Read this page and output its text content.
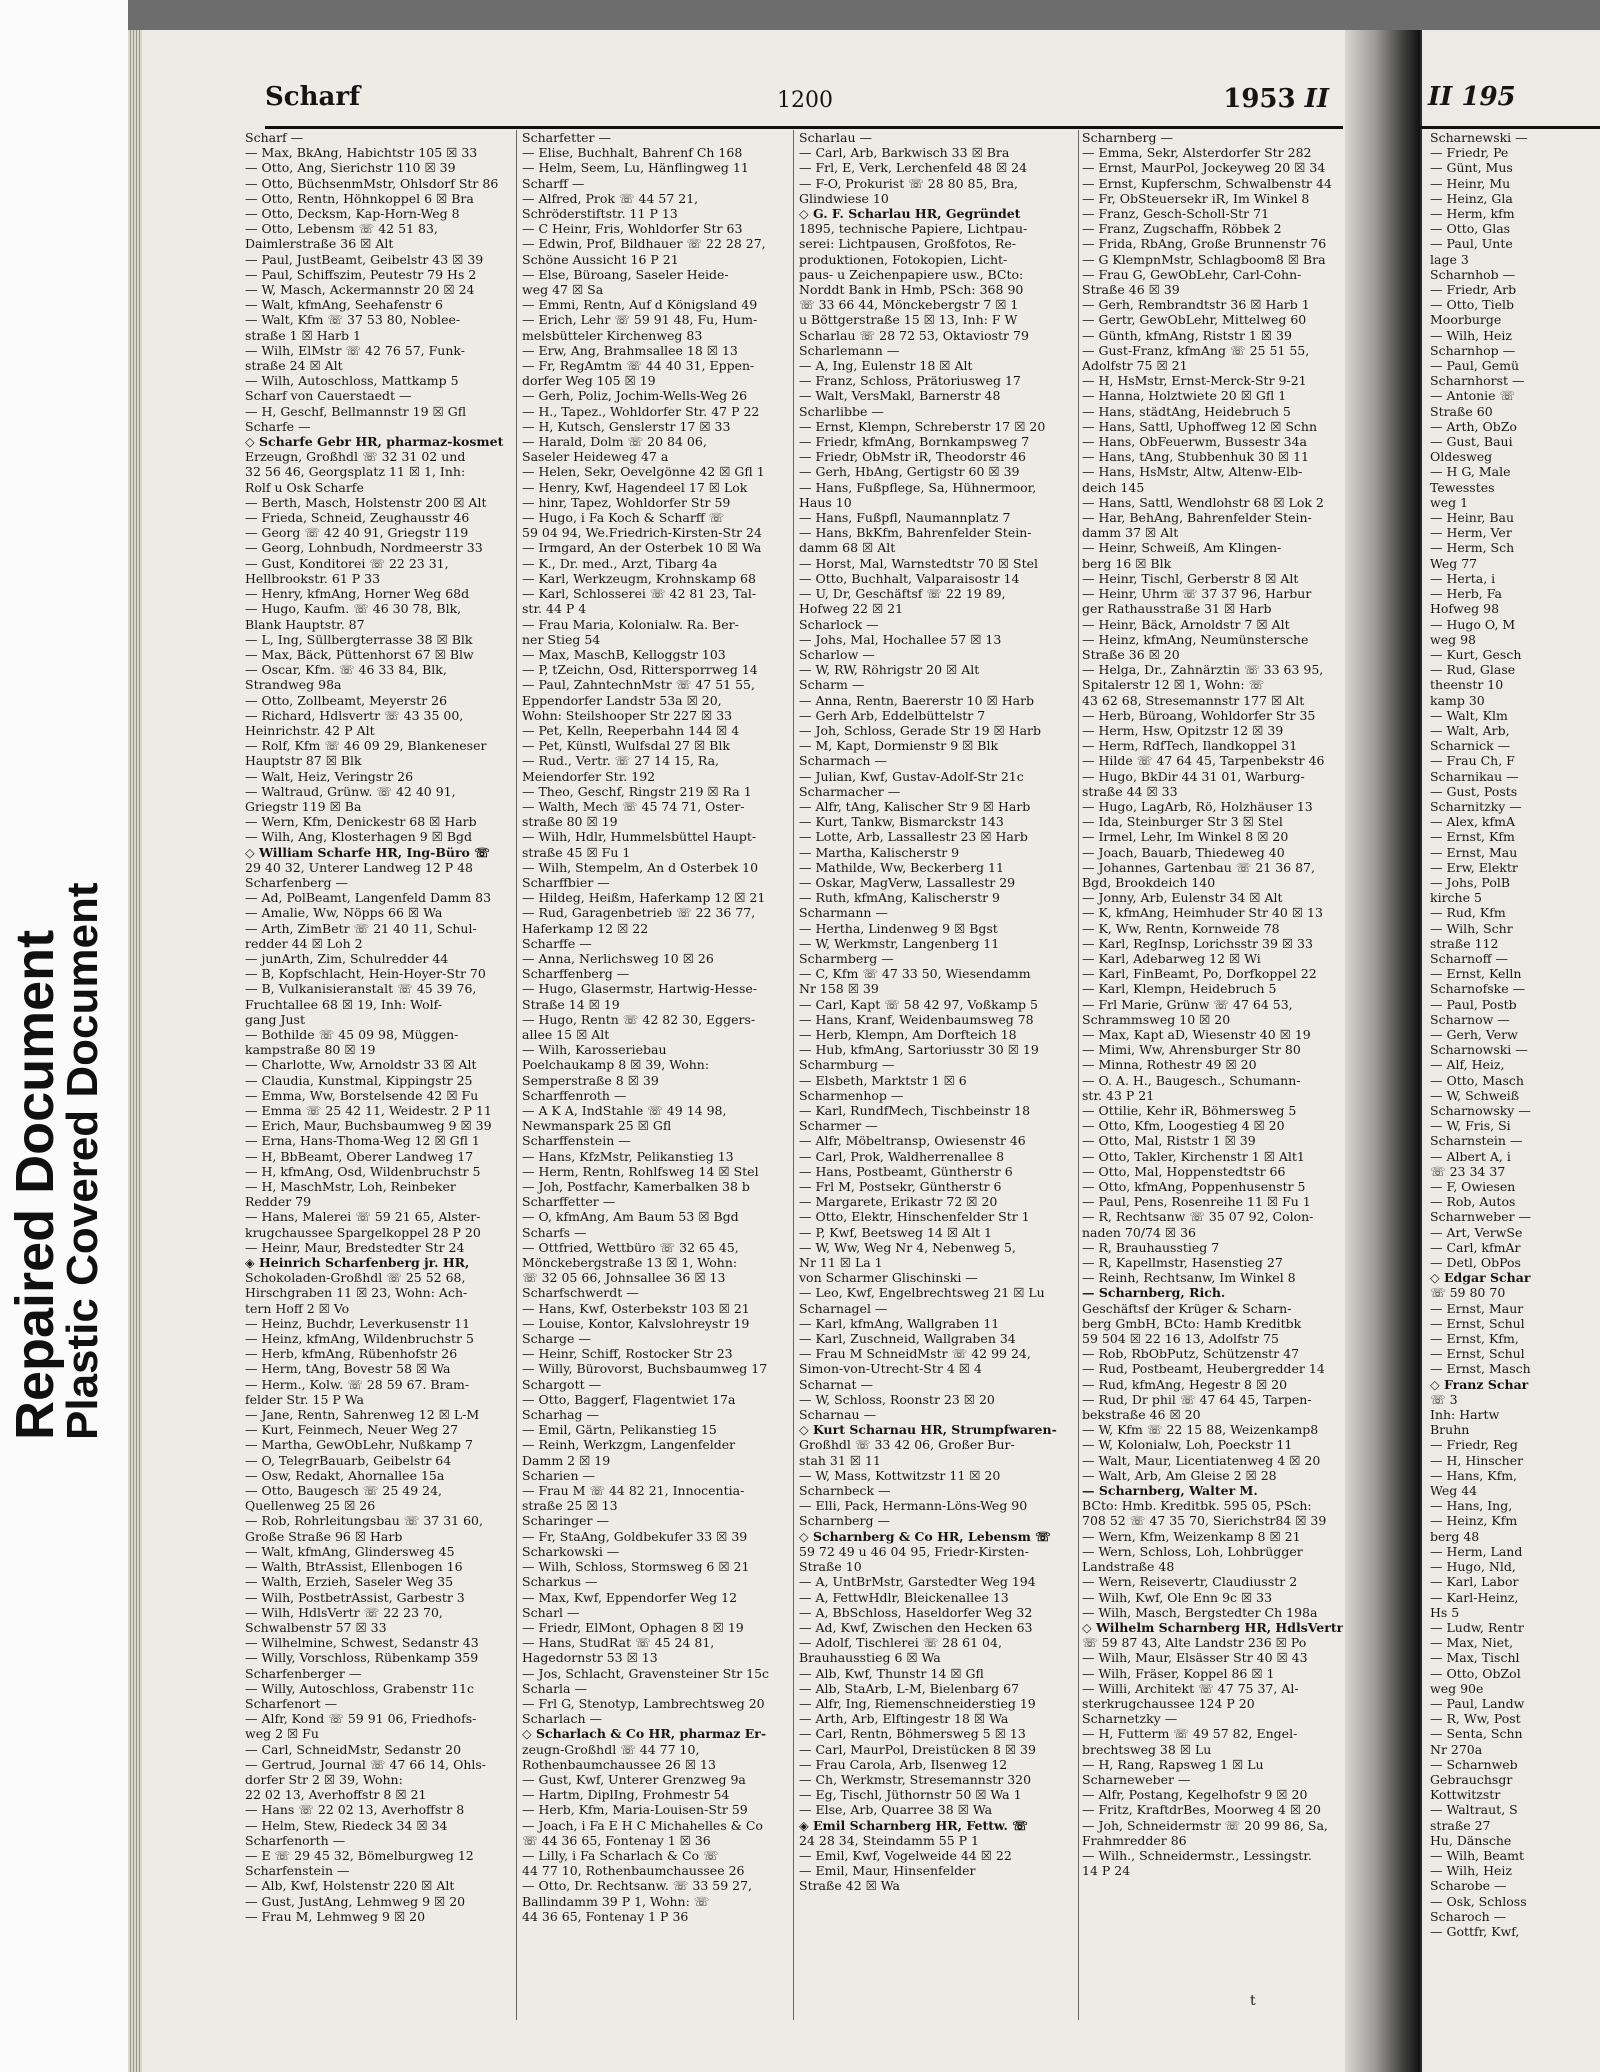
Repaired Document
Plastic Covered Document
Scharf	1200	1953 II	II 195
Scharf —
— Max, BkAng, Habichtstr 105 ☒ 33
— Otto, Ang, Sierichstr 110 ☒ 39
— Otto, BüchsenmMstr, Ohlsdorf Str 86
— Otto, Rentn, Höhnkoppel 6 ☒ Bra
— Otto, Decksm, Kap-Horn-Weg 8
— Otto, Lebensm ☏ 42 51 83,
Daimlerstraße 36 ☒ Alt
— Paul, JustBeamt, Geibelstr 43 ☒ 39
— Paul, Schiffszim, Peutestr 79 Hs 2
— W, Masch, Ackermannstr 20 ☒ 24
— Walt, kfmAng, Seehafenstr 6
— Walt, Kfm ☏ 37 53 80, Noblee-
straße 1 ☒ Harb 1
— Wilh, ElMstr ☏ 42 76 57, Funk-
straße 24 ☒ Alt
— Wilh, Autoschloss, Mattkamp 5
Scharf von Cauerstaedt —
— H, Geschf, Bellmannstr 19 ☒ Gfl
Scharfe —
◇ Scharfe Gebr HR, pharmaz-kosmet
Erzeugn, Großhdl ☏ 32 31 02 und
32 56 46, Georgsplatz 11 ☒ 1, Inh:
Rolf u Osk Scharfe
— Berth, Masch, Holstenstr 200 ☒ Alt
— Frieda, Schneid, Zeughausstr 46
— Georg ☏ 42 40 91, Griegstr 119
— Georg, Lohnbudh, Nordmeerstr 33
— Gust, Konditorei ☏ 22 23 31,
Hellbrookstr. 61 P 33
— Henry, kfmAng, Horner Weg 68d
— Hugo, Kaufm. ☏ 46 30 78, Blk,
Blank Hauptstr. 87
— L, Ing, Süllbergterrasse 38 ☒ Blk
— Max, Bäck, Püttenhorst 67 ☒ Blw
— Oscar, Kfm. ☏ 46 33 84, Blk,
Strandweg 98a
— Otto, Zollbeamt, Meyerstr 26
— Richard, Hdlsvertr ☏ 43 35 00,
Heinrichstr. 42 P Alt
— Rolf, Kfm ☏ 46 09 29, Blankeneser
Hauptstr 87 ☒ Blk
— Walt, Heiz, Veringstr 26
— Waltraud, Grünw. ☏ 42 40 91,
Griegstr 119 ☒ Ba
— Wern, Kfm, Denickestr 68 ☒ Harb
— Wilh, Ang, Klosterhagen 9 ☒ Bgd
◇ William Scharfe HR, Ing-Büro ☏
29 40 32, Unterer Landweg 12 P 48
Scharfenberg —
— Ad, PolBeamt, Langenfeld Damm 83
— Amalie, Ww, Nöpps 66 ☒ Wa
— Arth, ZimBetr ☏ 21 40 11, Schul-
redder 44 ☒ Loh 2
— junArth, Zim, Schulredder 44
— B, Kopfschlacht, Hein-Hoyer-Str 70
— B, Vulkanisieranstalt ☏ 45 39 76,
Fruchtallee 68 ☒ 19, Inh: Wolf-
gang Just
— Bothilde ☏ 45 09 98, Müggen-
kampstraße 80 ☒ 19
— Charlotte, Ww, Arnoldstr 33 ☒ Alt
— Claudia, Kunstmal, Kippingstr 25
— Emma, Ww, Borstelsende 42 ☒ Fu
— Emma ☏ 25 42 11, Weidestr. 2 P 11
— Erich, Maur, Buchsbaumweg 9 ☒ 39
— Erna, Hans-Thoma-Weg 12 ☒ Gfl 1
— H, BbBeamt, Oberer Landweg 17
— H, kfmAng, Osd, Wildenbruchstr 5
— H, MaschMstr, Loh, Reinbeker
Redder 79
— Hans, Malerei ☏ 59 21 65, Alster-
krugchaussee Spargelkoppel 28 P 20
— Heinr, Maur, Bredstedter Str 24
◈ Heinrich Scharfenberg jr. HR,
Schokoladen-Großhdl ☏ 25 52 68,
Hirschgraben 11 ☒ 23, Wohn: Ach-
tern Hoff 2 ☒ Vo
— Heinz, Buchdr, Leverkusenstr 11
— Heinz, kfmAng, Wildenbruchstr 5
— Herb, kfmAng, Rübenhofstr 26
— Herm, tAng, Bovestr 58 ☒ Wa
— Herm., Kolw. ☏ 28 59 67. Bram-
felder Str. 15 P Wa
— Jane, Rentn, Sahrenweg 12 ☒ L-M
— Kurt, Feinmech, Neuer Weg 27
— Martha, GewObLehr, Nußkamp 7
— O, TelegrBauarb, Geibelstr 64
— Osw, Redakt, Ahornallee 15a
— Otto, Baugesch ☏ 25 49 24,
Quellenweg 25 ☒ 26
— Rob, Rohrleitungsbau ☏ 37 31 60,
Große Straße 96 ☒ Harb
— Walt, kfmAng, Glindersweg 45
— Walth, BtrAssist, Ellenbogen 16
— Walth, Erzieh, Saseler Weg 35
— Wilh, PostbetrAssist, Garbestr 3
— Wilh, HdlsVertr ☏ 22 23 70,
Schwalbenstr 57 ☒ 33
— Wilhelmine, Schwest, Sedanstr 43
— Willy, Vorschloss, Rübenkamp 359
Scharfenberger —
— Willy, Autoschloss, Grabenstr 11c
Scharfenort —
— Alfr, Kond ☏ 59 91 06, Friedhofs-
weg 2 ☒ Fu
— Carl, SchneidMstr, Sedanstr 20
— Gertrud, Journal ☏ 47 66 14, Ohls-
dorfer Str 2 ☒ 39, Wohn:
22 02 13, Averhoffstr 8 ☒ 21
— Hans ☏ 22 02 13, Averhoffstr 8
— Helm, Stew, Riedeck 34 ☒ 34
Scharfenorth —
— E ☏ 29 45 32, Bömelburgweg 12
Scharfenstein —
— Alb, Kwf, Holstenstr 220 ☒ Alt
— Gust, JustAng, Lehmweg 9 ☒ 20
— Frau M, Lehmweg 9 ☒ 20
Scharfetter —
— Elise, Buchhalt, Bahrenf Ch 168
— Helm, Seem, Lu, Hänflingweg 11
Scharff —
— Alfred, Prok ☏ 44 57 21,
Schröderstiftstr. 11 P 13
— C Heinr, Fris, Wohldorfer Str 63
— Edwin, Prof, Bildhauer ☏ 22 28 27,
Schöne Aussicht 16 P 21
— Else, Büroang, Saseler Heide-
weg 47 ☒ Sa
— Emmi, Rentn, Auf d Königsland 49
— Erich, Lehr ☏ 59 91 48, Fu, Hum-
melsbütteler Kirchenweg 83
— Erw, Ang, Brahmsallee 18 ☒ 13
— Fr, RegAmtm ☏ 44 40 31, Eppen-
dorfer Weg 105 ☒ 19
— Gerh, Poliz, Jochim-Wells-Weg 26
— H., Tapez., Wohldorfer Str. 47 P 22
— H, Kutsch, Genslerstr 17 ☒ 33
— Harald, Dolm ☏ 20 84 06,
Saseler Heideweg 47 a
— Helen, Sekr, Oevelgönne 42 ☒ Gfl 1
— Henry, Kwf, Hagendeel 17 ☒ Lok
— hinr, Tapez, Wohldorfer Str 59
— Hugo, i Fa Koch & Scharff ☏
59 04 94, We.Friedrich-Kirsten-Str 24
— Irmgard, An der Osterbek 10 ☒ Wa
— K., Dr. med., Arzt, Tibarg 4a
— Karl, Werkzeugm, Krohnskamp 68
— Karl, Schlosserei ☏ 42 81 23, Tal-
str. 44 P 4
— Frau Maria, Kolonialw. Ra. Ber-
ner Stieg 54
— Max, MaschB, Kelloggstr 103
— P, tZeichn, Osd, Rittersporrweg 14
— Paul, ZahntechnMstr ☏ 47 51 55,
Eppendorfer Landstr 53a ☒ 20,
Wohn: Steilshooper Str 227 ☒ 33
— Pet, Kelln, Reeperbahn 144 ☒ 4
— Pet, Künstl, Wulfsdal 27 ☒ Blk
— Rud., Vertr. ☏ 27 14 15, Ra,
Meiendorfer Str. 192
— Theo, Geschf, Ringstr 219 ☒ Ra 1
— Walth, Mech ☏ 45 74 71, Oster-
straße 80 ☒ 19
— Wilh, Hdlr, Hummelsbüttel Haupt-
straße 45 ☒ Fu 1
— Wilh, Stempelm, An d Osterbek 10
Scharffbier —
— Hildeg, Heißm, Haferkamp 12 ☒ 21
— Rud, Garagenbetrieb ☏ 22 36 77,
Haferkamp 12 ☒ 22
Scharffe —
— Anna, Nerlichsweg 10 ☒ 26
Scharffenberg —
— Hugo, Glasermstr, Hartwig-Hesse-
Straße 14 ☒ 19
— Hugo, Rentn ☏ 42 82 30, Eggers-
allee 15 ☒ Alt
— Wilh, Karosseriebau
Poelchaukamp 8 ☒ 39, Wohn:
Semperstraße 8 ☒ 39
Scharffenroth —
— A K A, IndStahle ☏ 49 14 98,
Newmanspark 25 ☒ Gfl
Scharffenstein —
— Hans, KfzMstr, Pelikanstieg 13
— Herm, Rentn, Rohlfsweg 14 ☒ Stel
— Joh, Postfachr, Kamerbalken 38 b
Scharffetter —
— O, kfmAng, Am Baum 53 ☒ Bgd
Scharfs —
— Ottfried, Wettbüro ☏ 32 65 45,
Mönckebergstraße 13 ☒ 1, Wohn:
☏ 32 05 66, Johnsallee 36 ☒ 13
Scharfschwerdt —
— Hans, Kwf, Osterbekstr 103 ☒ 21
— Louise, Kontor, Kalvslohreystr 19
Scharge —
— Heinr, Schiff, Rostocker Str 23
— Willy, Bürovorst, Buchsbaumweg 17
Schargott —
— Otto, Baggerf, Flagentwiet 17a
Scharhag —
— Emil, Gärtn, Pelikanstieg 15
— Reinh, Werkzgm, Langenfelder
Damm 2 ☒ 19
Scharien —
— Frau M ☏ 44 82 21, Innocentia-
straße 25 ☒ 13
Scharinger —
— Fr, StaAng, Goldbekufer 33 ☒ 39
Scharkowski —
— Wilh, Schloss, Stormsweg 6 ☒ 21
Scharkus —
— Max, Kwf, Eppendorfer Weg 12
Scharl —
— Friedr, ElMont, Ophagen 8 ☒ 19
— Hans, StudRat ☏ 45 24 81,
Hagedornstr 53 ☒ 13
— Jos, Schlacht, Gravensteiner Str 15c
Scharla —
— Frl G, Stenotyp, Lambrechtsweg 20
Scharlach —
◇ Scharlach & Co HR, pharmaz Er-
zeugn-Großhdl ☏ 44 77 10,
Rothenbaumchaussee 26 ☒ 13
— Gust, Kwf, Unterer Grenzweg 9a
— Hartm, DiplIng, Frohmestr 54
— Herb, Kfm, Maria-Louisen-Str 59
— Joach, i Fa E H C Michahelles & Co
☏ 44 36 65, Fontenay 1 ☒ 36
— Lilly, i Fa Scharlach & Co ☏
44 77 10, Rothenbaumchaussee 26
— Otto, Dr. Rechtsanw. ☏ 33 59 27,
Ballindamm 39 P 1, Wohn: ☏
44 36 65, Fontenay 1 P 36
Scharlau —
— Carl, Arb, Barkwisch 33 ☒ Bra
— Frl, E, Verk, Lerchenfeld 48 ☒ 24
— F-O, Prokurist ☏ 28 80 85, Bra,
Glindwiese 10
◇ G. F. Scharlau HR, Gegründet
1895, technische Papiere, Lichtpau-
serei: Lichtpausen, Großfotos, Re-
produktionen, Fotokopien, Licht-
paus- u Zeichenpapiere usw., BCto:
Norddt Bank in Hmb, PSch: 368 90
☏ 33 66 44, Mönckebergstr 7 ☒ 1
u Böttgerstraße 15 ☒ 13, Inh: F W
Scharlau ☏ 28 72 53, Oktaviostr 79
Scharlemann —
— A, Ing, Eulenstr 18 ☒ Alt
— Franz, Schloss, Prätoriusweg 17
— Walt, VersMakl, Barnerstr 48
Scharlibbe —
— Ernst, Klempn, Schreberstr 17 ☒ 20
— Friedr, kfmAng, Bornkampsweg 7
— Friedr, ObMstr iR, Theodorstr 46
— Gerh, HbAng, Gertigstr 60 ☒ 39
— Hans, Fußpflege, Sa, Hühnermoor,
Haus 10
— Hans, Fußpfl, Naumannplatz 7
— Hans, BkKfm, Bahrenfelder Stein-
damm 68 ☒ Alt
— Horst, Mal, Warnstedtstr 70 ☒ Stel
— Otto, Buchhalt, Valparaisostr 14
— U, Dr, Geschäftsf ☏ 22 19 89,
Hofweg 22 ☒ 21
Scharlock —
— Johs, Mal, Hochallee 57 ☒ 13
Scharlow —
— W, RW, Röhrigstr 20 ☒ Alt
Scharm —
— Anna, Rentn, Baererstr 10 ☒ Harb
— Gerh Arb, Eddelbüttelstr 7
— Joh, Schloss, Gerade Str 19 ☒ Harb
— M, Kapt, Dormienstr 9 ☒ Blk
Scharmach —
— Julian, Kwf, Gustav-Adolf-Str 21c
Scharmacher —
— Alfr, tAng, Kalischer Str 9 ☒ Harb
— Kurt, Tankw, Bismarckstr 143
— Lotte, Arb, Lassallestr 23 ☒ Harb
— Martha, Kalischerstr 9
— Mathilde, Ww, Beckerberg 11
— Oskar, MagVerw, Lassallestr 29
— Ruth, kfmAng, Kalischerstr 9
Scharmann —
— Hertha, Lindenweg 9 ☒ Bgst
— W, Werkmstr, Langenberg 11
Scharmberg —
— C, Kfm ☏ 47 33 50, Wiesendamm
Nr 158 ☒ 39
— Carl, Kapt ☏ 58 42 97, Voßkamp 5
— Hans, Kranf, Weidenbaumsweg 78
— Herb, Klempn, Am Dorfteich 18
— Hub, kfmAng, Sartoriusstr 30 ☒ 19
Scharmburg —
— Elsbeth, Marktstr 1 ☒ 6
Scharmenhop —
— Karl, RundfMech, Tischbeinstr 18
Scharmer —
— Alfr, Möbeltransp, Owiesenstr 46
— Carl, Prok, Waldherrenallee 8
— Hans, Postbeamt, Güntherstr 6
— Frl M, Postsekr, Güntherstr 6
— Margarete, Erikastr 72 ☒ 20
— Otto, Elektr, Hinschenfelder Str 1
— P, Kwf, Beetsweg 14 ☒ Alt 1
— W, Ww, Weg Nr 4, Nebenweg 5,
Nr 11 ☒ La 1
von Scharmer Glischinski —
— Leo, Kwf, Engelbrechtsweg 21 ☒ Lu
Scharnagel —
— Karl, kfmAng, Wallgraben 11
— Karl, Zuschneid, Wallgraben 34
— Frau M SchneidMstr ☏ 42 99 24,
Simon-von-Utrecht-Str 4 ☒ 4
Scharnat —
— W, Schloss, Roonstr 23 ☒ 20
Scharnau —
◇ Kurt Scharnau HR, Strumpfwaren-
Großhdl ☏ 33 42 06, Großer Bur-
stah 31 ☒ 11
— W, Mass, Kottwitzstr 11 ☒ 20
Scharnbeck —
— Elli, Pack, Hermann-Löns-Weg 90
Scharnberg —
◇ Scharnberg & Co HR, Lebensm ☏
59 72 49 u 46 04 95, Friedr-Kirsten-
Straße 10
— A, UntBrMstr, Garstedter Weg 194
— A, FettwHdlr, Bleickenallee 13
— A, BbSchloss, Haseldorfer Weg 32
— Ad, Kwf, Zwischen den Hecken 63
— Adolf, Tischlerei ☏ 28 61 04,
Brauhausstieg 6 ☒ Wa
— Alb, Kwf, Thunstr 14 ☒ Gfl
— Alb, StaArb, L-M, Bielenbarg 67
— Alfr, Ing, Riemenschneiderstieg 19
— Arth, Arb, Elftingestr 18 ☒ Wa
— Carl, Rentn, Böhmersweg 5 ☒ 13
— Carl, MaurPol, Dreistücken 8 ☒ 39
— Frau Carola, Arb, Ilsenweg 12
— Ch, Werkmstr, Stresemannstr 320
— Eg, Tischl, Jüthornstr 50 ☒ Wa 1
— Else, Arb, Quarree 38 ☒ Wa
◈ Emil Scharnberg HR, Fettw. ☏
24 28 34, Steindamm 55 P 1
— Emil, Kwf, Vogelweide 44 ☒ 22
— Emil, Maur, Hinsenfelder
Straße 42 ☒ Wa
Scharnberg —
— Emma, Sekr, Alsterdorfer Str 282
— Ernst, MaurPol, Jockeyweg 20 ☒ 34
— Ernst, Kupferschm, Schwalbenstr 44
— Fr, ObSteuersekr iR, Im Winkel 8
— Franz, Gesch-Scholl-Str 71
— Franz, Zugschaffn, Röbbek 2
— Frida, RbAng, Große Brunnenstr 76
— G KlempnMstr, Schlagboom8 ☒ Bra
— Frau G, GewObLehr, Carl-Cohn-
Straße 46 ☒ 39
— Gerh, Rembrandtstr 36 ☒ Harb 1
— Gertr, GewObLehr, Mittelweg 60
— Günth, kfmAng, Riststr 1 ☒ 39
— Gust-Franz, kfmAng ☏ 25 51 55,
Adolfstr 75 ☒ 21
— H, HsMstr, Ernst-Merck-Str 9-21
— Hanna, Holztwiete 20 ☒ Gfl 1
— Hans, städtAng, Heidebruch 5
— Hans, Sattl, Uphoffweg 12 ☒ Schn
— Hans, ObFeuerwm, Bussestr 34a
— Hans, tAng, Stubbenhuk 30 ☒ 11
— Hans, HsMstr, Altw, Altenw-Elb-
deich 145
— Hans, Sattl, Wendlohstr 68 ☒ Lok 2
— Har, BehAng, Bahrenfelder Stein-
damm 37 ☒ Alt
— Heinr, Schweiß, Am Klingen-
berg 16 ☒ Blk
— Heinr, Tischl, Gerberstr 8 ☒ Alt
— Heinr, Uhrm ☏ 37 37 96, Harbur
ger Rathausstraße 31 ☒ Harb
— Heinr, Bäck, Arnoldstr 7 ☒ Alt
— Heinz, kfmAng, Neumünstersche
Straße 36 ☒ 20
— Helga, Dr., Zahnärztin ☏ 33 63 95,
Spitalerstr 12 ☒ 1, Wohn: ☏
43 62 68, Stresemannstr 177 ☒ Alt
— Herb, Büroang, Wohldorfer Str 35
— Herm, Hsw, Opitzstr 12 ☒ 39
— Herm, RdfTech, Ilandkoppel 31
— Hilde ☏ 47 64 45, Tarpenbekstr 46
— Hugo, BkDir 44 31 01, Warburg-
straße 44 ☒ 33
— Hugo, LagArb, Rö, Holzhäuser 13
— Ida, Steinburger Str 3 ☒ Stel
— Irmel, Lehr, Im Winkel 8 ☒ 20
— Joach, Bauarb, Thiedeweg 40
— Johannes, Gartenbau ☏ 21 36 87,
Bgd, Brookdeich 140
— Jonny, Arb, Eulenstr 34 ☒ Alt
— K, kfmAng, Heimhuder Str 40 ☒ 13
— K, Ww, Rentn, Kornweide 78
— Karl, RegInsp, Lorichsstr 39 ☒ 33
— Karl, Adebarweg 12 ☒ Wi
— Karl, FinBeamt, Po, Dorfkoppel 22
— Karl, Klempn, Heidebruch 5
— Frl Marie, Grünw ☏ 47 64 53,
Schrammsweg 10 ☒ 20
— Max, Kapt aD, Wiesenstr 40 ☒ 19
— Mimi, Ww, Ahrensburger Str 80
— Minna, Rothestr 49 ☒ 20
— O. A. H., Baugesch., Schumann-
str. 43 P 21
— Ottilie, Kehr iR, Böhmersweg 5
— Otto, Kfm, Loogestieg 4 ☒ 20
— Otto, Mal, Riststr 1 ☒ 39
— Otto, Takler, Kirchenstr 1 ☒ Alt1
— Otto, Mal, Hoppenstedtstr 66
— Otto, kfmAng, Poppenhusenstr 5
— Paul, Pens, Rosenreihe 11 ☒ Fu 1
— R, Rechtsanw ☏ 35 07 92, Colon-
naden 70/74 ☒ 36
— R, Brauhausstieg 7
— R, Kapellmstr, Hasenstieg 27
— Reinh, Rechtsanw, Im Winkel 8
— Scharnberg, Rich.
Geschäftsf der Krüger & Scharn-
berg GmbH, BCto: Hamb Kreditbk
59 504 ☒ 22 16 13, Adolfstr 75
— Rob, RbObPutz, Schützenstr 47
— Rud, Postbeamt, Heubergredder 14
— Rud, kfmAng, Hegestr 8 ☒ 20
— Rud, Dr phil ☏ 47 64 45, Tarpen-
bekstraße 46 ☒ 20
— W, Kfm ☏ 22 15 88, Weizenkamp8
— W, Kolonialw, Loh, Poeckstr 11
— Walt, Maur, Licentiatenweg 4 ☒ 20
— Walt, Arb, Am Gleise 2 ☒ 28
— Scharnberg, Walter M.
BCto: Hmb. Kreditbk. 595 05, PSch:
708 52 ☏ 47 35 70, Sierichstr84 ☒ 39
— Wern, Kfm, Weizenkamp 8 ☒ 21
— Wern, Schloss, Loh, Lohbrügger
Landstraße 48
— Wern, Reisevertr, Claudiusstr 2
— Wilh, Kwf, Ole Enn 9c ☒ 33
— Wilh, Masch, Bergstedter Ch 198a
◇ Wilhelm Scharnberg HR, HdlsVertr
☏ 59 87 43, Alte Landstr 236 ☒ Po
— Wilh, Maur, Elsässer Str 40 ☒ 43
— Wilh, Fräser, Koppel 86 ☒ 1
— Willi, Architekt ☏ 47 75 37, Al-
sterkrugchaussee 124 P 20
Scharnetzky —
— H, Futterm ☏ 49 57 82, Engel-
brechtsweg 38 ☒ Lu
— H, Rang, Rapsweg 1 ☒ Lu
Scharneweber —
— Alfr, Postang, Kegelhofstr 9 ☒ 20
— Fritz, KraftdrBes, Moorweg 4 ☒ 20
— Joh, Schneidermstr ☏ 20 99 86, Sa,
Frahmredder 86
— Wilh., Schneidermstr., Lessingstr.
14 P 24
Scharnewski —
— Friedr, Pe
— Günt, Mus
— Heinr, Mu
— Heinz, Gla
— Herm, kfm
— Otto, Glas
— Paul, Unte
lage 3
Scharnhob —
— Friedr, Arb
— Otto, Tielb
Moorburge
— Wilh, Heiz
Scharnhop —
— Paul, Gemü
Scharnhorst —
— Antonie ☏
Straße 60
— Arth, ObZo
— Gust, Baui
Oldesweg
— H G, Male
Tewesstes
weg 1
— Heinr, Bau
— Herm, Ver
— Herm, Sch
Weg 77
— Herta, i
— Herb, Fa
Hofweg 98
— Hugo O, M
weg 98
— Kurt, Gesch
— Rud, Glase
theenstr 10
kamp 30
— Walt, Klm
— Walt, Arb,
Scharnick —
— Frau Ch, F
Scharnikau —
— Gust, Posts
Scharnitzky —
— Alex, kfmA
— Ernst, Kfm
— Ernst, Mau
— Erw, Elektr
— Johs, PolB
kirche 5
— Rud, Kfm
— Wilh, Schr
straße 112
Scharnoff —
— Ernst, Kelln
Scharnofske —
— Paul, Postb
Scharnow —
— Gerh, Verw
Scharnowski —
— Alf, Heiz,
— Otto, Masch
— W, Schweiß
Scharnowsky —
— W, Fris, Si
Scharnstein —
— Albert A, i
☏ 23 34 37
— F, Owiesen
— Rob, Autos
Scharnweber —
— Art, VerwSe
— Carl, kfmAr
— Detl, ObPos
◇ Edgar Schar
☏ 59 80 70
— Ernst, Maur
— Ernst, Schul
— Ernst, Kfm,
— Ernst, Schul
— Ernst, Masch
◇ Franz Schar
☏ 3
Inh: Hartw
Bruhn
— Friedr, Reg
— H, Hinscher
— Hans, Kfm,
Weg 44
— Hans, Ing,
— Heinz, Kfm
berg 48
— Herm, Land
— Hugo, Nld,
— Karl, Labor
— Karl-Heinz,
Hs 5
— Ludw, Rentr
— Max, Niet,
— Max, Tischl
— Otto, ObZol
weg 90e
— Paul, Landw
— R, Ww, Post
— Senta, Schn
Nr 270a
— Scharnweb
Gebrauchsgr
Kottwitzstr
— Waltraut, S
straße 27
Hu, Dänsche
— Wilh, Beamt
— Wilh, Heiz
Scharobe —
— Osk, Schloss
Scharoch —
— Gottfr, Kwf,
t
